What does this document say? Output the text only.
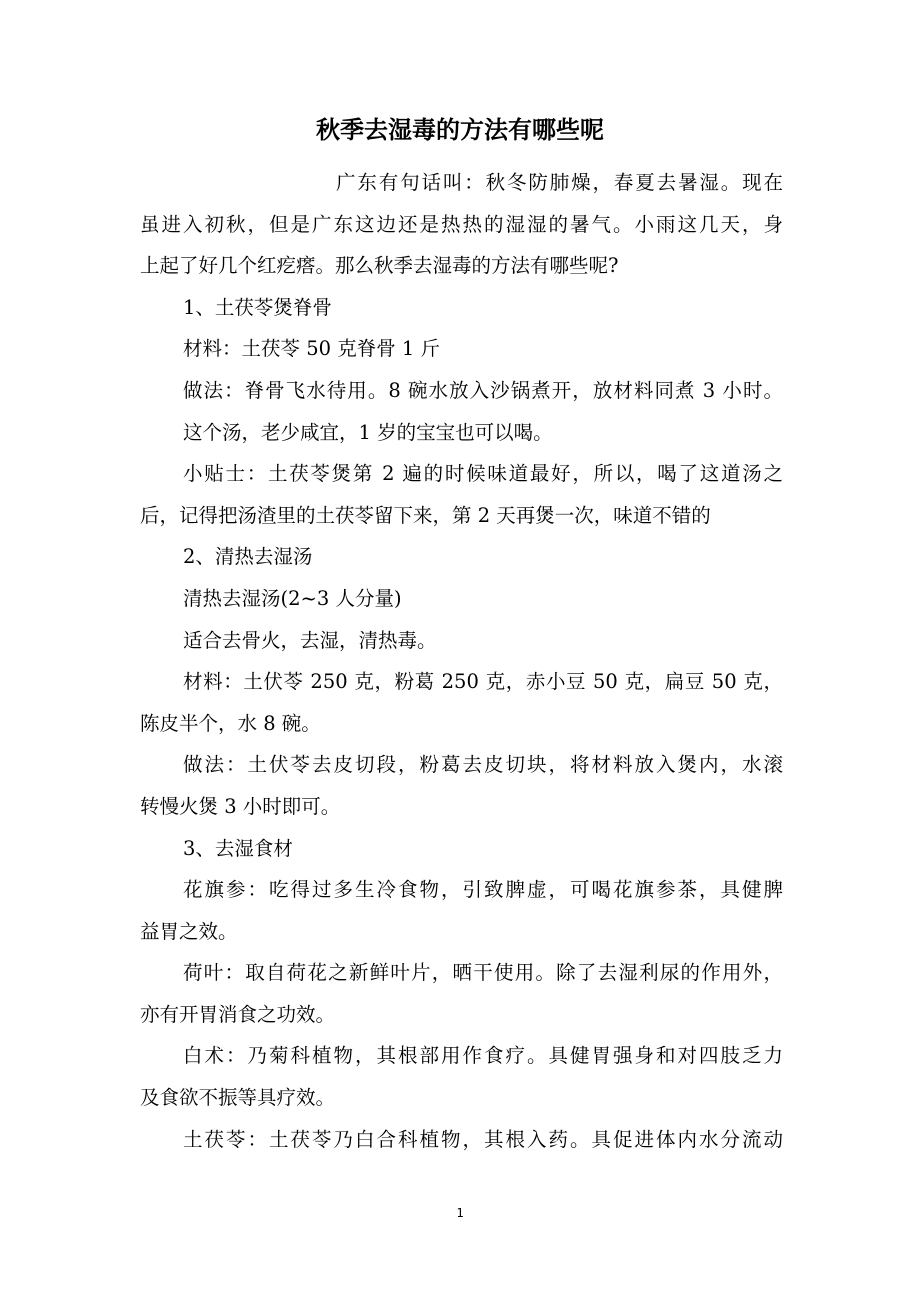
秋季去湿毒的方法有哪些呢
广东有句话叫：秋冬防肺燥，春夏去暑湿。现在
虽进入初秋，但是广东这边还是热热的湿湿的暑气。小雨这几天，身
上起了好几个红疙瘩。那么秋季去湿毒的方法有哪些呢?
1、土茯苓煲脊骨
材料：土茯苓 50 克脊骨 1 斤
做法：脊骨飞水待用。8 碗水放入沙锅煮开，放材料同煮 3 小时。
这个汤，老少咸宜，1 岁的宝宝也可以喝。
小贴士：土茯苓煲第 2 遍的时候味道最好，所以，喝了这道汤之
后，记得把汤渣里的土茯苓留下来，第 2 天再煲一次，味道不错的
2、清热去湿汤
清热去湿汤(2~3 人分量)
适合去骨火，去湿，清热毒。
材料：土伏苓 250 克，粉葛 250 克，赤小豆 50 克，扁豆 50 克，
陈皮半个，水 8 碗。
做法：土伏苓去皮切段，粉葛去皮切块，将材料放入煲内，水滚
转慢火煲 3 小时即可。
3、去湿食材
花旗参：吃得过多生冷食物，引致脾虚，可喝花旗参茶，具健脾
益胃之效。
荷叶：取自荷花之新鲜叶片，晒干使用。除了去湿利尿的作用外，
亦有开胃消食之功效。
白术：乃菊科植物，其根部用作食疗。具健胃强身和对四肢乏力
及食欲不振等具疗效。
土茯苓：土茯苓乃白合科植物，其根入药。具促进体内水分流动
1
